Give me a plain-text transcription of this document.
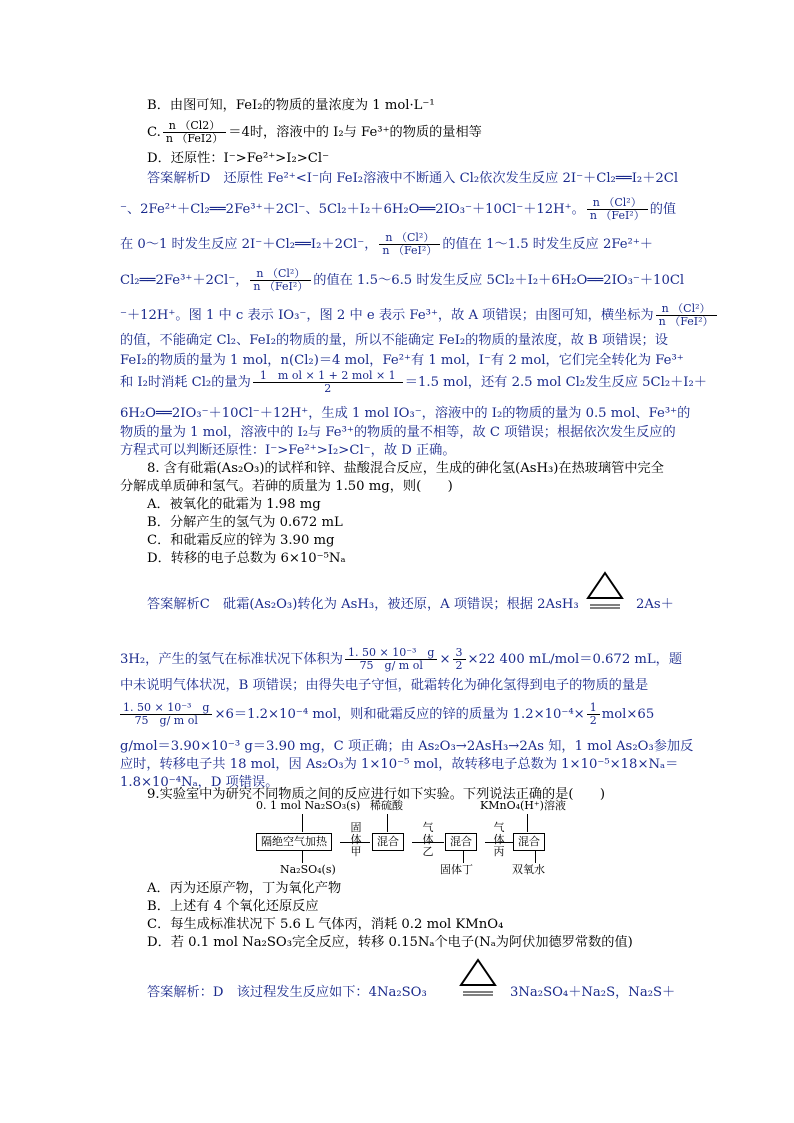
B．由图可知，FeI₂的物质的量浓度为 1 mol·L⁻¹
C. $\frac{n (Cl2)}{\text{n （FeI2）}} =4$时，溶液中的 I₂与 Fe³⁺的物质的量相等
D．还原性：I⁻>Fe²⁺>I₂>Cl⁻
答案解析D　还原性 Fe²⁺<I⁻向 FeI₂溶液中不断通入 Cl₂依次发生反应 2I⁻＋Cl₂══I₂＋2Cl
⁻、2Fe²⁺＋Cl₂══2Fe³⁺＋2Cl⁻、5Cl₂＋I₂＋6H₂O══2IO₃⁻＋10Cl⁻＋12H⁺。 $\frac{\text{n （Cl²）}}{\text{n （FeI²）}}$ 的值
在 0～1 时发生反应 2I⁻＋Cl₂══I₂＋2Cl⁻， $\frac{\text{n （Cl²）}}{\text{n （FeI²）}}$ 的值在 1～1.5 时发生反应 2Fe²⁺＋
Cl₂══2Fe³⁺＋2Cl⁻， $\frac{\text{n （Cl²）}}{\text{n （FeI²）}}$ 的值在 1.5～6.5 时发生反应 5Cl₂＋I₂＋6H₂O══2IO₃⁻＋10Cl
⁻＋12H⁺。图 1 中 c 表示 IO₃⁻，图 2 中 e 表示 Fe³⁺，故 A 项错误；由图可知，横坐标为 $\frac{\text{n （Cl²）}}{\text{n （FeI²）}}$
的值，不能确定 Cl₂、FeI₂的物质的量，所以不能确定 FeI₂的物质的量浓度，故 B 项错误；设
FeI₂的物质的量为 1 mol，n(Cl₂)＝4 mol，Fe²⁺有 1 mol，I⁻有 2 mol，它们完全转化为 Fe³⁺
和 I₂时消耗 Cl₂的量为 $\frac{\text{1　m ol × 1 + 2 mol × 1}}{2} =1.5$ mol，还有 2.5 mol Cl₂发生反应 5Cl₂＋I₂＋
6H₂O══2IO₃⁻＋10Cl⁻＋12H⁺，生成 1 mol IO₃⁻，溶液中的 I₂的物质的量为 0.5 mol、Fe³⁺的
物质的量为 1 mol，溶液中的 I₂与 Fe³⁺的物质的量不相等，故 C 项错误；根据依次发生反应的
方程式可以判断还原性：I⁻>Fe²⁺>I₂>Cl⁻，故 D 正确。
8. 含有砒霜(As₂O₃)的试样和锌、盐酸混合反应，生成的砷化氢(AsH₃)在热玻璃管中完全
分解成单质砷和氢气。若砷的质量为 1.50 mg，则(　　)
A．被氧化的砒霜为 1.98 mg
B．分解产生的氢气为 0.672 mL
C．和砒霜反应的锌为 3.90 mg
D．转移的电子总数为 6×10⁻⁵Nₐ
答案解析C　砒霜(As₂O₃)转化为 AsH₃，被还原，A 项错误；根据 2AsH₃	2As＋
3H₂，产生的氢气在标准状况下体积为 $\frac{\text{1. 50 × 10⁻³　g}}{\text{75　g/ m ol}} \times \frac{3}{2} \times 22$ 400 mL/mol＝0.672 mL，题
中未说明气体状况，B 项错误；由得失电子守恒，砒霜转化为砷化氢得到电子的物质的量是
$\frac{\text{1. 50 × 10⁻³　g}}{\text{75　g/ m ol}} \times 6=1.2\times 10^{-4}$ mol，则和砒霜反应的锌的质量为 $1.2\times 10^{-4}\times \frac{1}{2} mol\times 65$
g/mol＝3.90×10⁻³ g＝3.90 mg，C 项正确；由 As₂O₃→2AsH₃→2As 知，1 mol As₂O₃参加反
应时，转移电子共 18 mol，因 As₂O₃为 1×10⁻⁵ mol，故转移电子总数为 1×10⁻⁵×18×Nₐ＝
1.8×10⁻⁴Nₐ，D 项错误。
9.实验室中为研究不同物质之间的反应进行如下实验。下列说法正确的是(　　)
0. 1 mol Na₂SO₃(s) 稀硫酸	KMnO₄(H⁺)溶液
隔绝空气加热
固
体
甲
混合
气
体
乙
混合
气
体
丙
混合
Na₂SO₄(s)	固体丁	双氧水
A．丙为还原产物，丁为氧化产物
B．上述有 4 个氧化还原反应
C．每生成标准状况下 5.6 L 气体丙，消耗 0.2 mol KMnO₄
D．若 0.1 mol Na₂SO₃完全反应，转移 0.15Nₐ个电子(Nₐ为阿伏加德罗常数的值)
答案解析：D　该过程发生反应如下：4Na₂SO₃	3Na₂SO₄＋Na₂S，Na₂S＋
